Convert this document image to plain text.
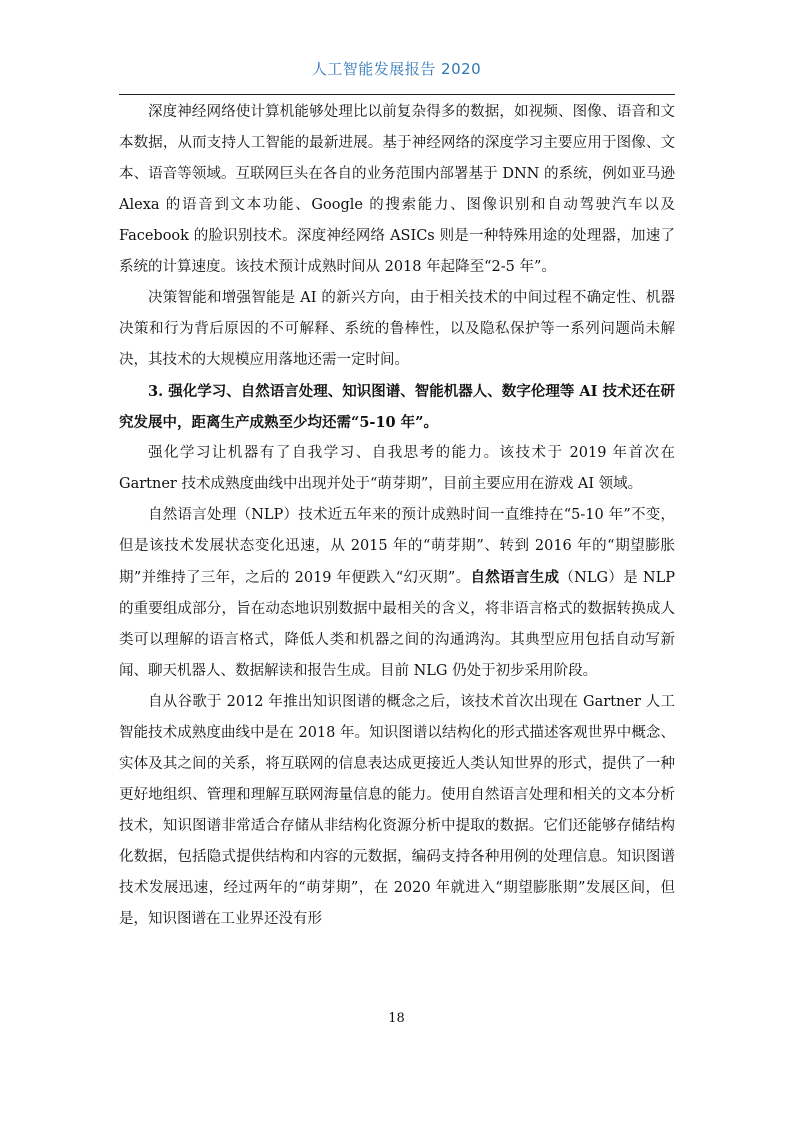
人工智能发展报告 2020

深度神经网络使计算机能够处理比以前复杂得多的数据，如视频、图像、语音和文本数据，从而支持人工智能的最新进展。基于神经网络的深度学习主要应用于图像、文本、语音等领域。互联网巨头在各自的业务范围内部署基于 DNN 的系统，例如亚马逊 Alexa 的语音到文本功能、Google 的搜索能力、图像识别和自动驾驶汽车以及 Facebook 的脸识别技术。深度神经网络 ASICs 则是一种特殊用途的处理器，加速了系统的计算速度。该技术预计成熟时间从 2018 年起降至“2-5 年”。

决策智能和增强智能是 AI 的新兴方向，由于相关技术的中间过程不确定性、机器决策和行为背后原因的不可解释、系统的鲁棒性，以及隐私保护等一系列问题尚未解决，其技术的大规模应用落地还需一定时间。

3. 强化学习、自然语言处理、知识图谱、智能机器人、数字伦理等 AI 技术还在研究发展中，距离生产成熟至少均还需“5-10 年”。

强化学习让机器有了自我学习、自我思考的能力。该技术于 2019 年首次在 Gartner 技术成熟度曲线中出现并处于“萌芽期”，目前主要应用在游戏 AI 领域。

自然语言处理（NLP）技术近五年来的预计成熟时间一直维持在“5-10 年”不变，但是该技术发展状态变化迅速，从 2015 年的“萌芽期”、转到 2016 年的“期望膨胀期”并维持了三年，之后的 2019 年便跌入“幻灭期”。自然语言生成（NLG）是 NLP 的重要组成部分，旨在动态地识别数据中最相关的含义，将非语言格式的数据转换成人类可以理解的语言格式，降低人类和机器之间的沟通鸿沟。其典型应用包括自动写新闻、聊天机器人、数据解读和报告生成。目前 NLG 仍处于初步采用阶段。

自从谷歌于 2012 年推出知识图谱的概念之后，该技术首次出现在 Gartner 人工智能技术成熟度曲线中是在 2018 年。知识图谱以结构化的形式描述客观世界中概念、实体及其之间的关系，将互联网的信息表达成更接近人类认知世界的形式，提供了一种更好地组织、管理和理解互联网海量信息的能力。使用自然语言处理和相关的文本分析技术，知识图谱非常适合存储从非结构化资源分析中提取的数据。它们还能够存储结构化数据，包括隐式提供结构和内容的元数据，编码支持各种用例的处理信息。知识图谱技术发展迅速，经过两年的“萌芽期”，在 2020 年就进入“期望膨胀期”发展区间，但是，知识图谱在工业界还没有形

18
